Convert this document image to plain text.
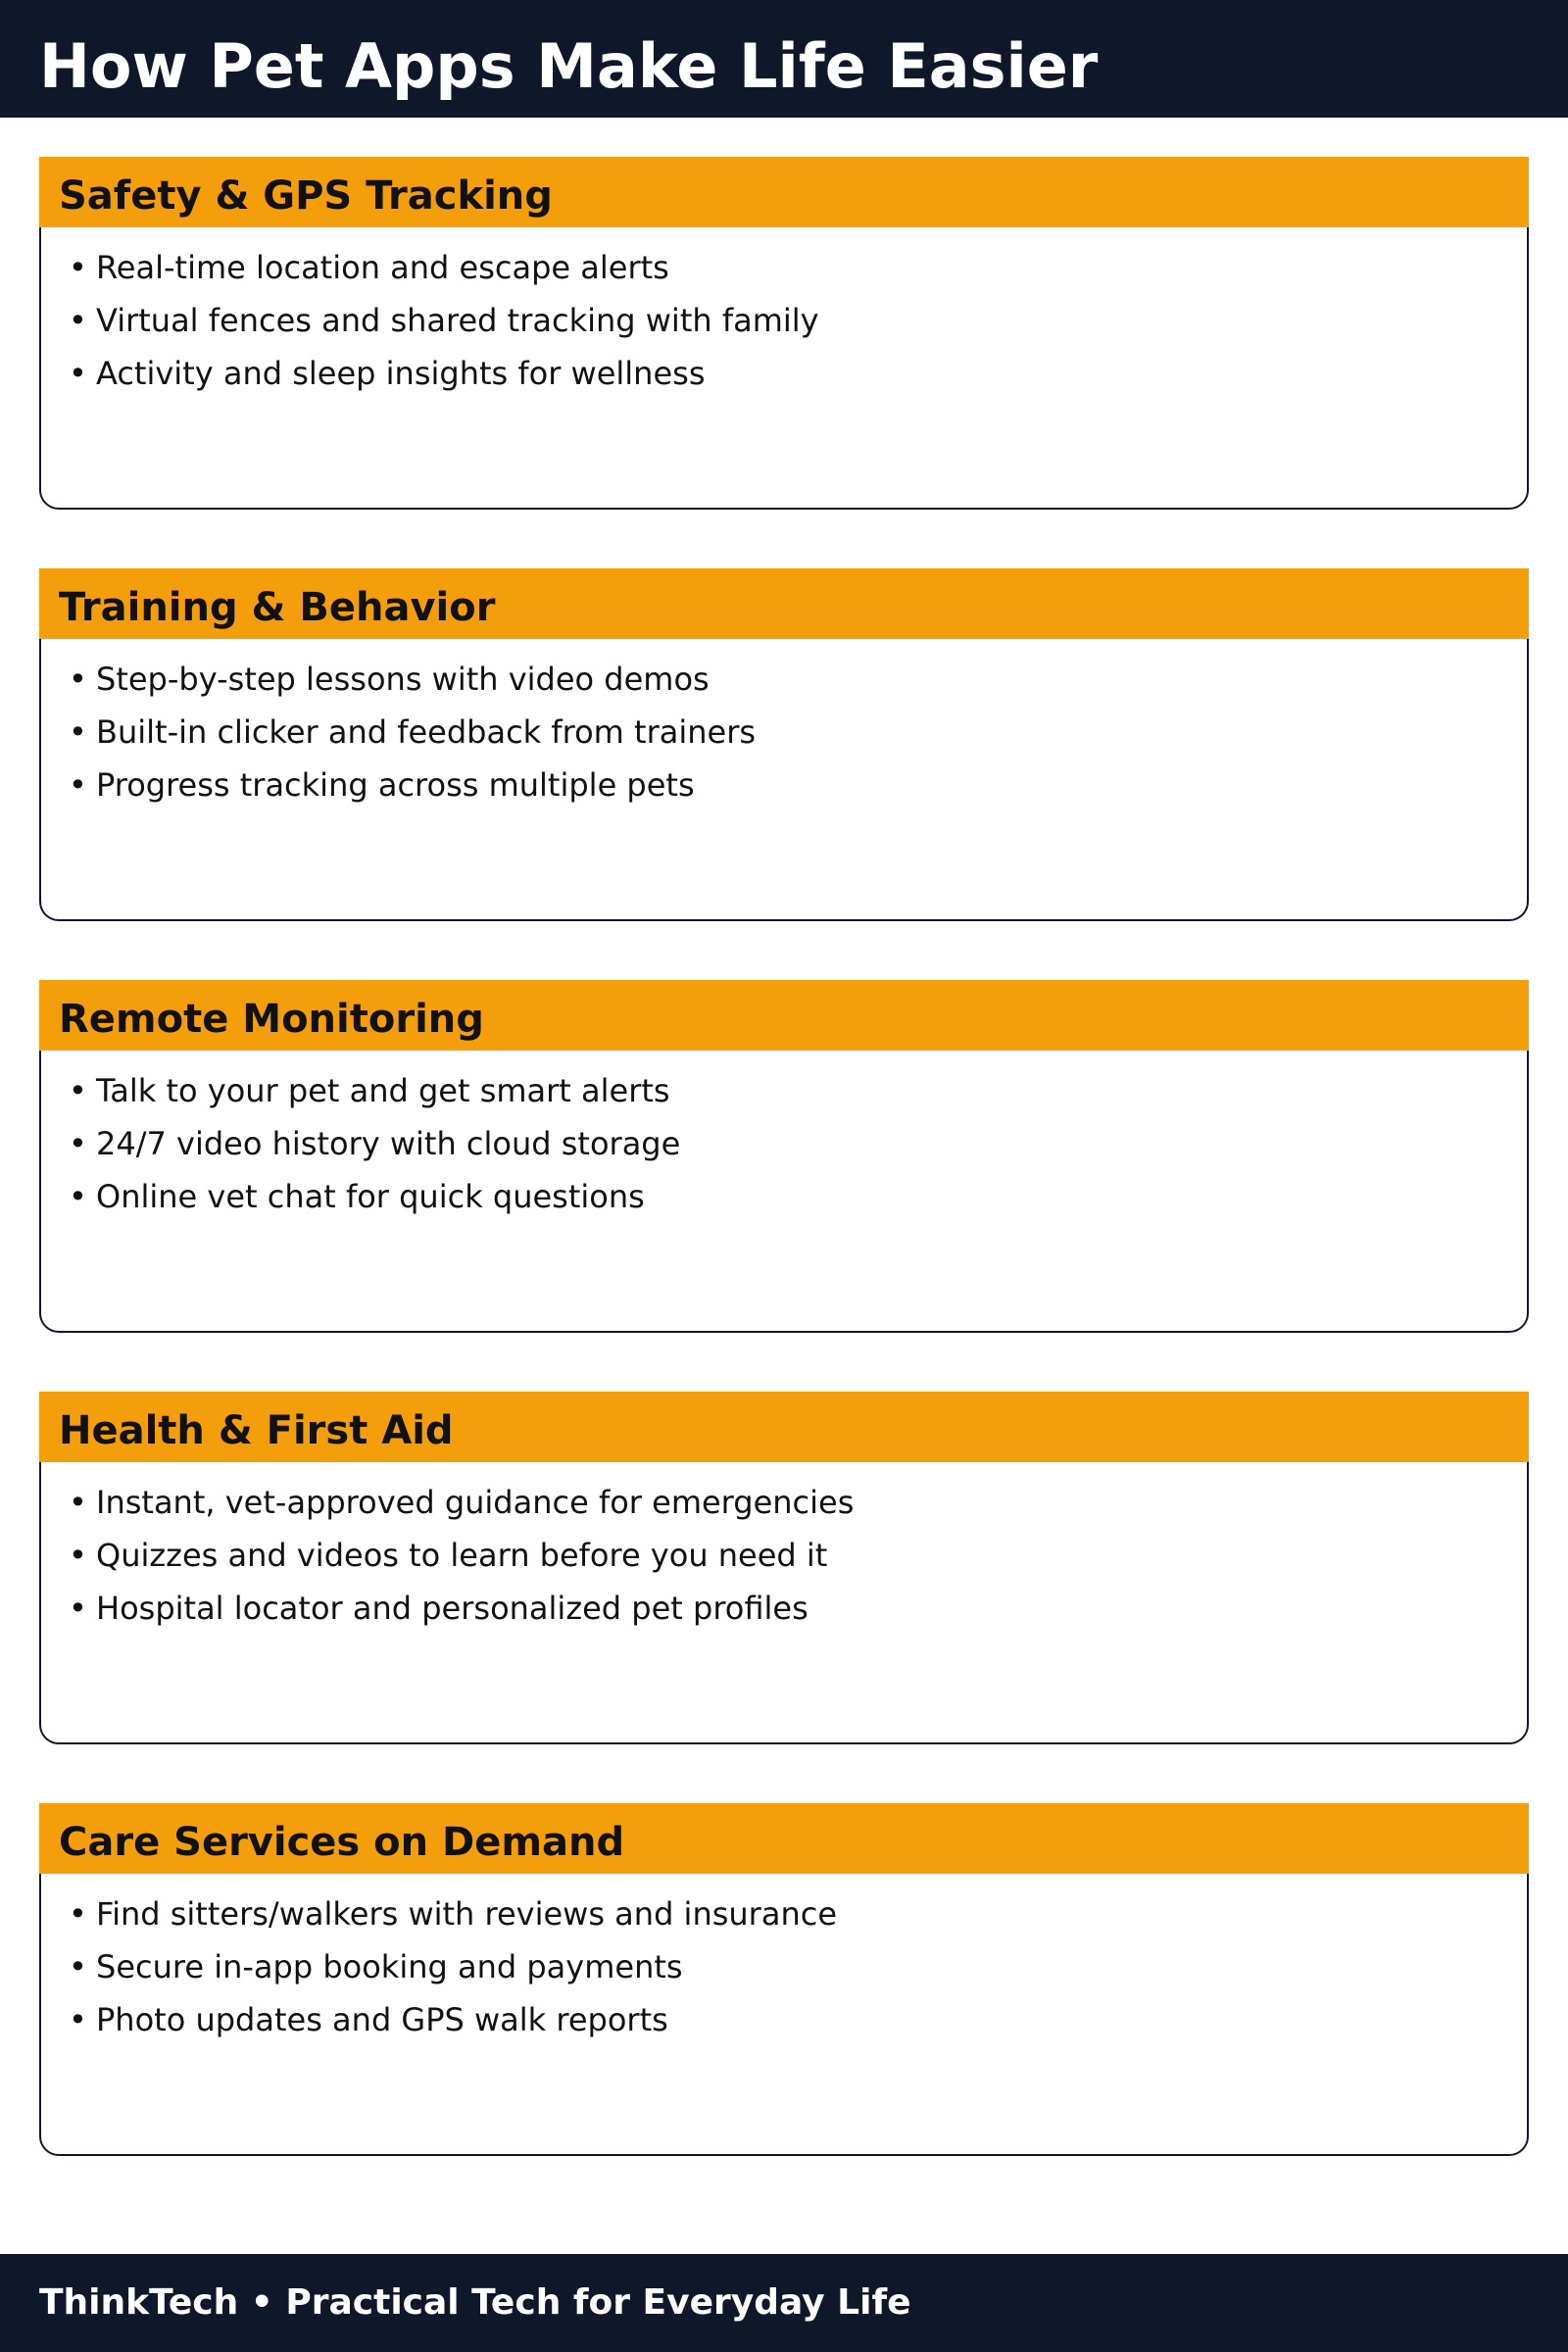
How Pet Apps Make Life Easier
Safety & GPS Tracking
• Real-time location and escape alerts
• Virtual fences and shared tracking with family
• Activity and sleep insights for wellness
Training & Behavior
• Step-by-step lessons with video demos
• Built-in clicker and feedback from trainers
• Progress tracking across multiple pets
Remote Monitoring
• Talk to your pet and get smart alerts
• 24/7 video history with cloud storage
• Online vet chat for quick questions
Health & First Aid
• Instant, vet-approved guidance for emergencies
• Quizzes and videos to learn before you need it
• Hospital locator and personalized pet profiles
Care Services on Demand
• Find sitters/walkers with reviews and insurance
• Secure in-app booking and payments
• Photo updates and GPS walk reports

ThinkTech • Practical Tech for Everyday Life
